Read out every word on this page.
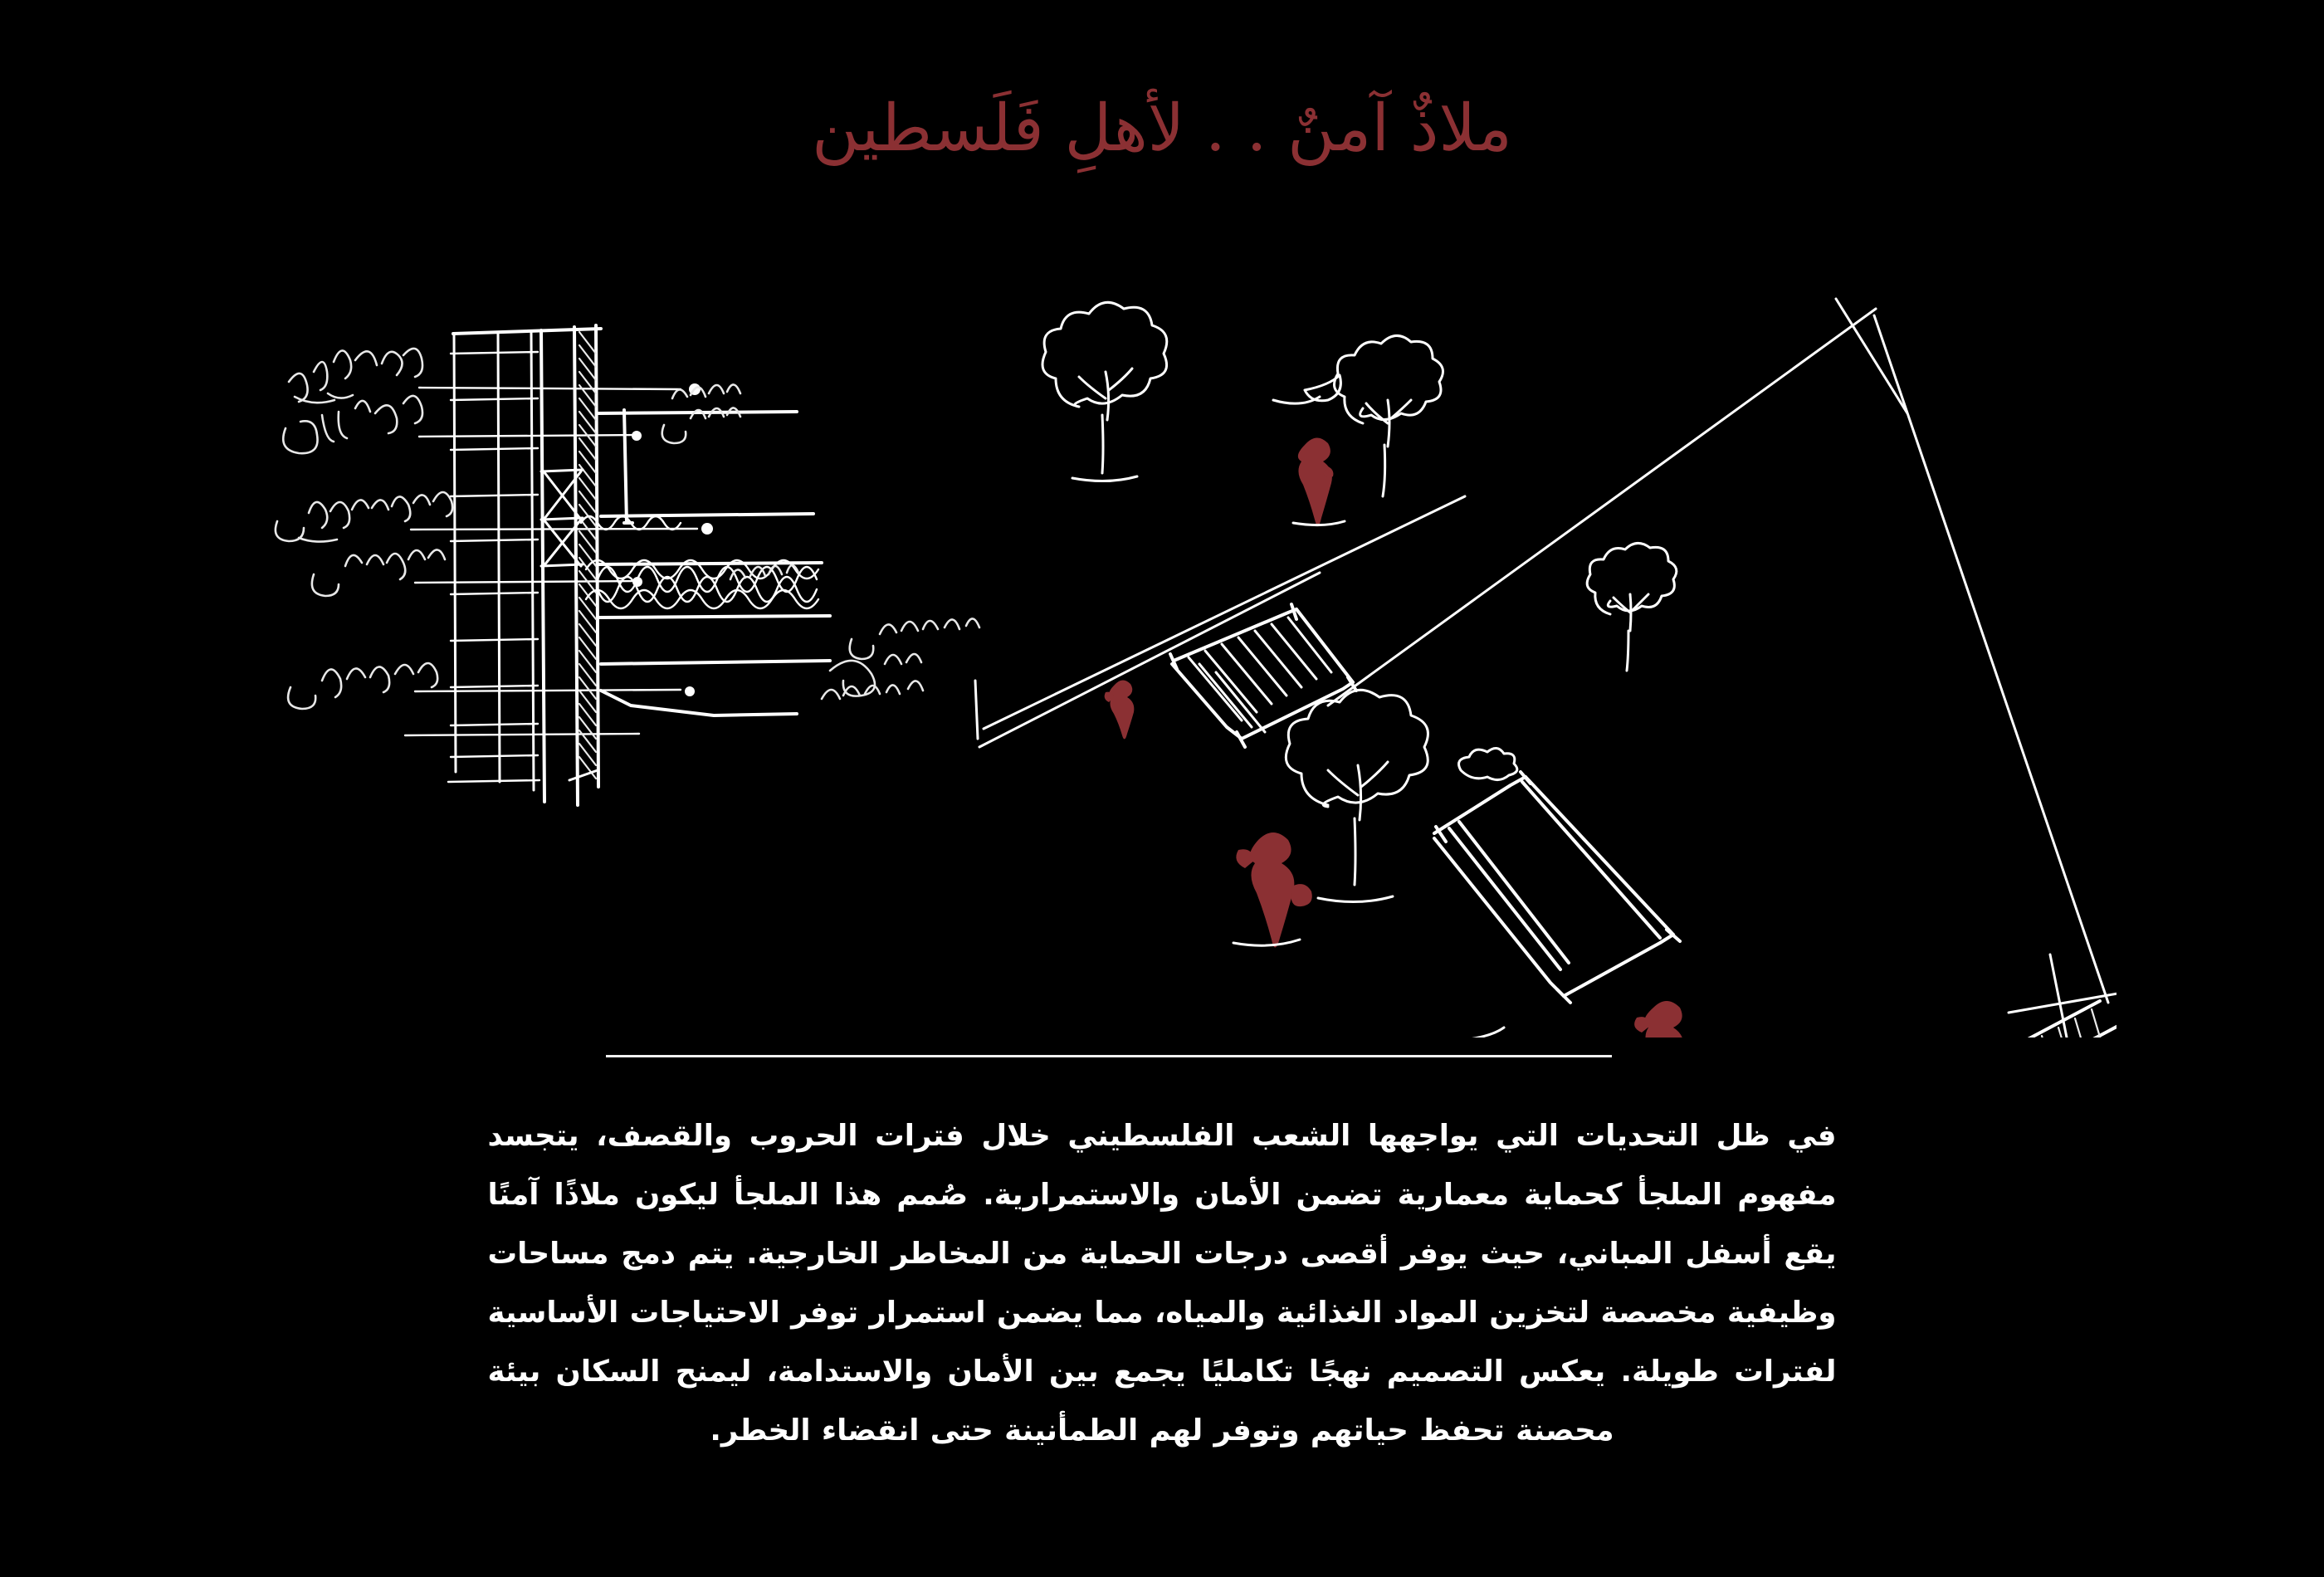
ملاذٌ آمنٌ . . لأهلِ فَلَسطين

في ظل التحديات التي يواجهها الشعب الفلسطيني خلال فترات الحروب والقصف، يتجسد مفهوم الملجأ كحماية معمارية تضمن الأمان والاستمرارية. صُمم هذا الملجأ ليكون ملاذًا آمنًا يقع أسفل المباني، حيث يوفر أقصى درجات الحماية من المخاطر الخارجية. يتم دمج مساحات وظيفية مخصصة لتخزين المواد الغذائية والمياه، مما يضمن استمرار توفر الاحتياجات الأساسية لفترات طويلة. يعكس التصميم نهجًا تكامليًا يجمع بين الأمان والاستدامة، ليمنح السكان بيئة محصنة تحفظ حياتهم وتوفر لهم الطمأنينة حتى انقضاء الخطر.
